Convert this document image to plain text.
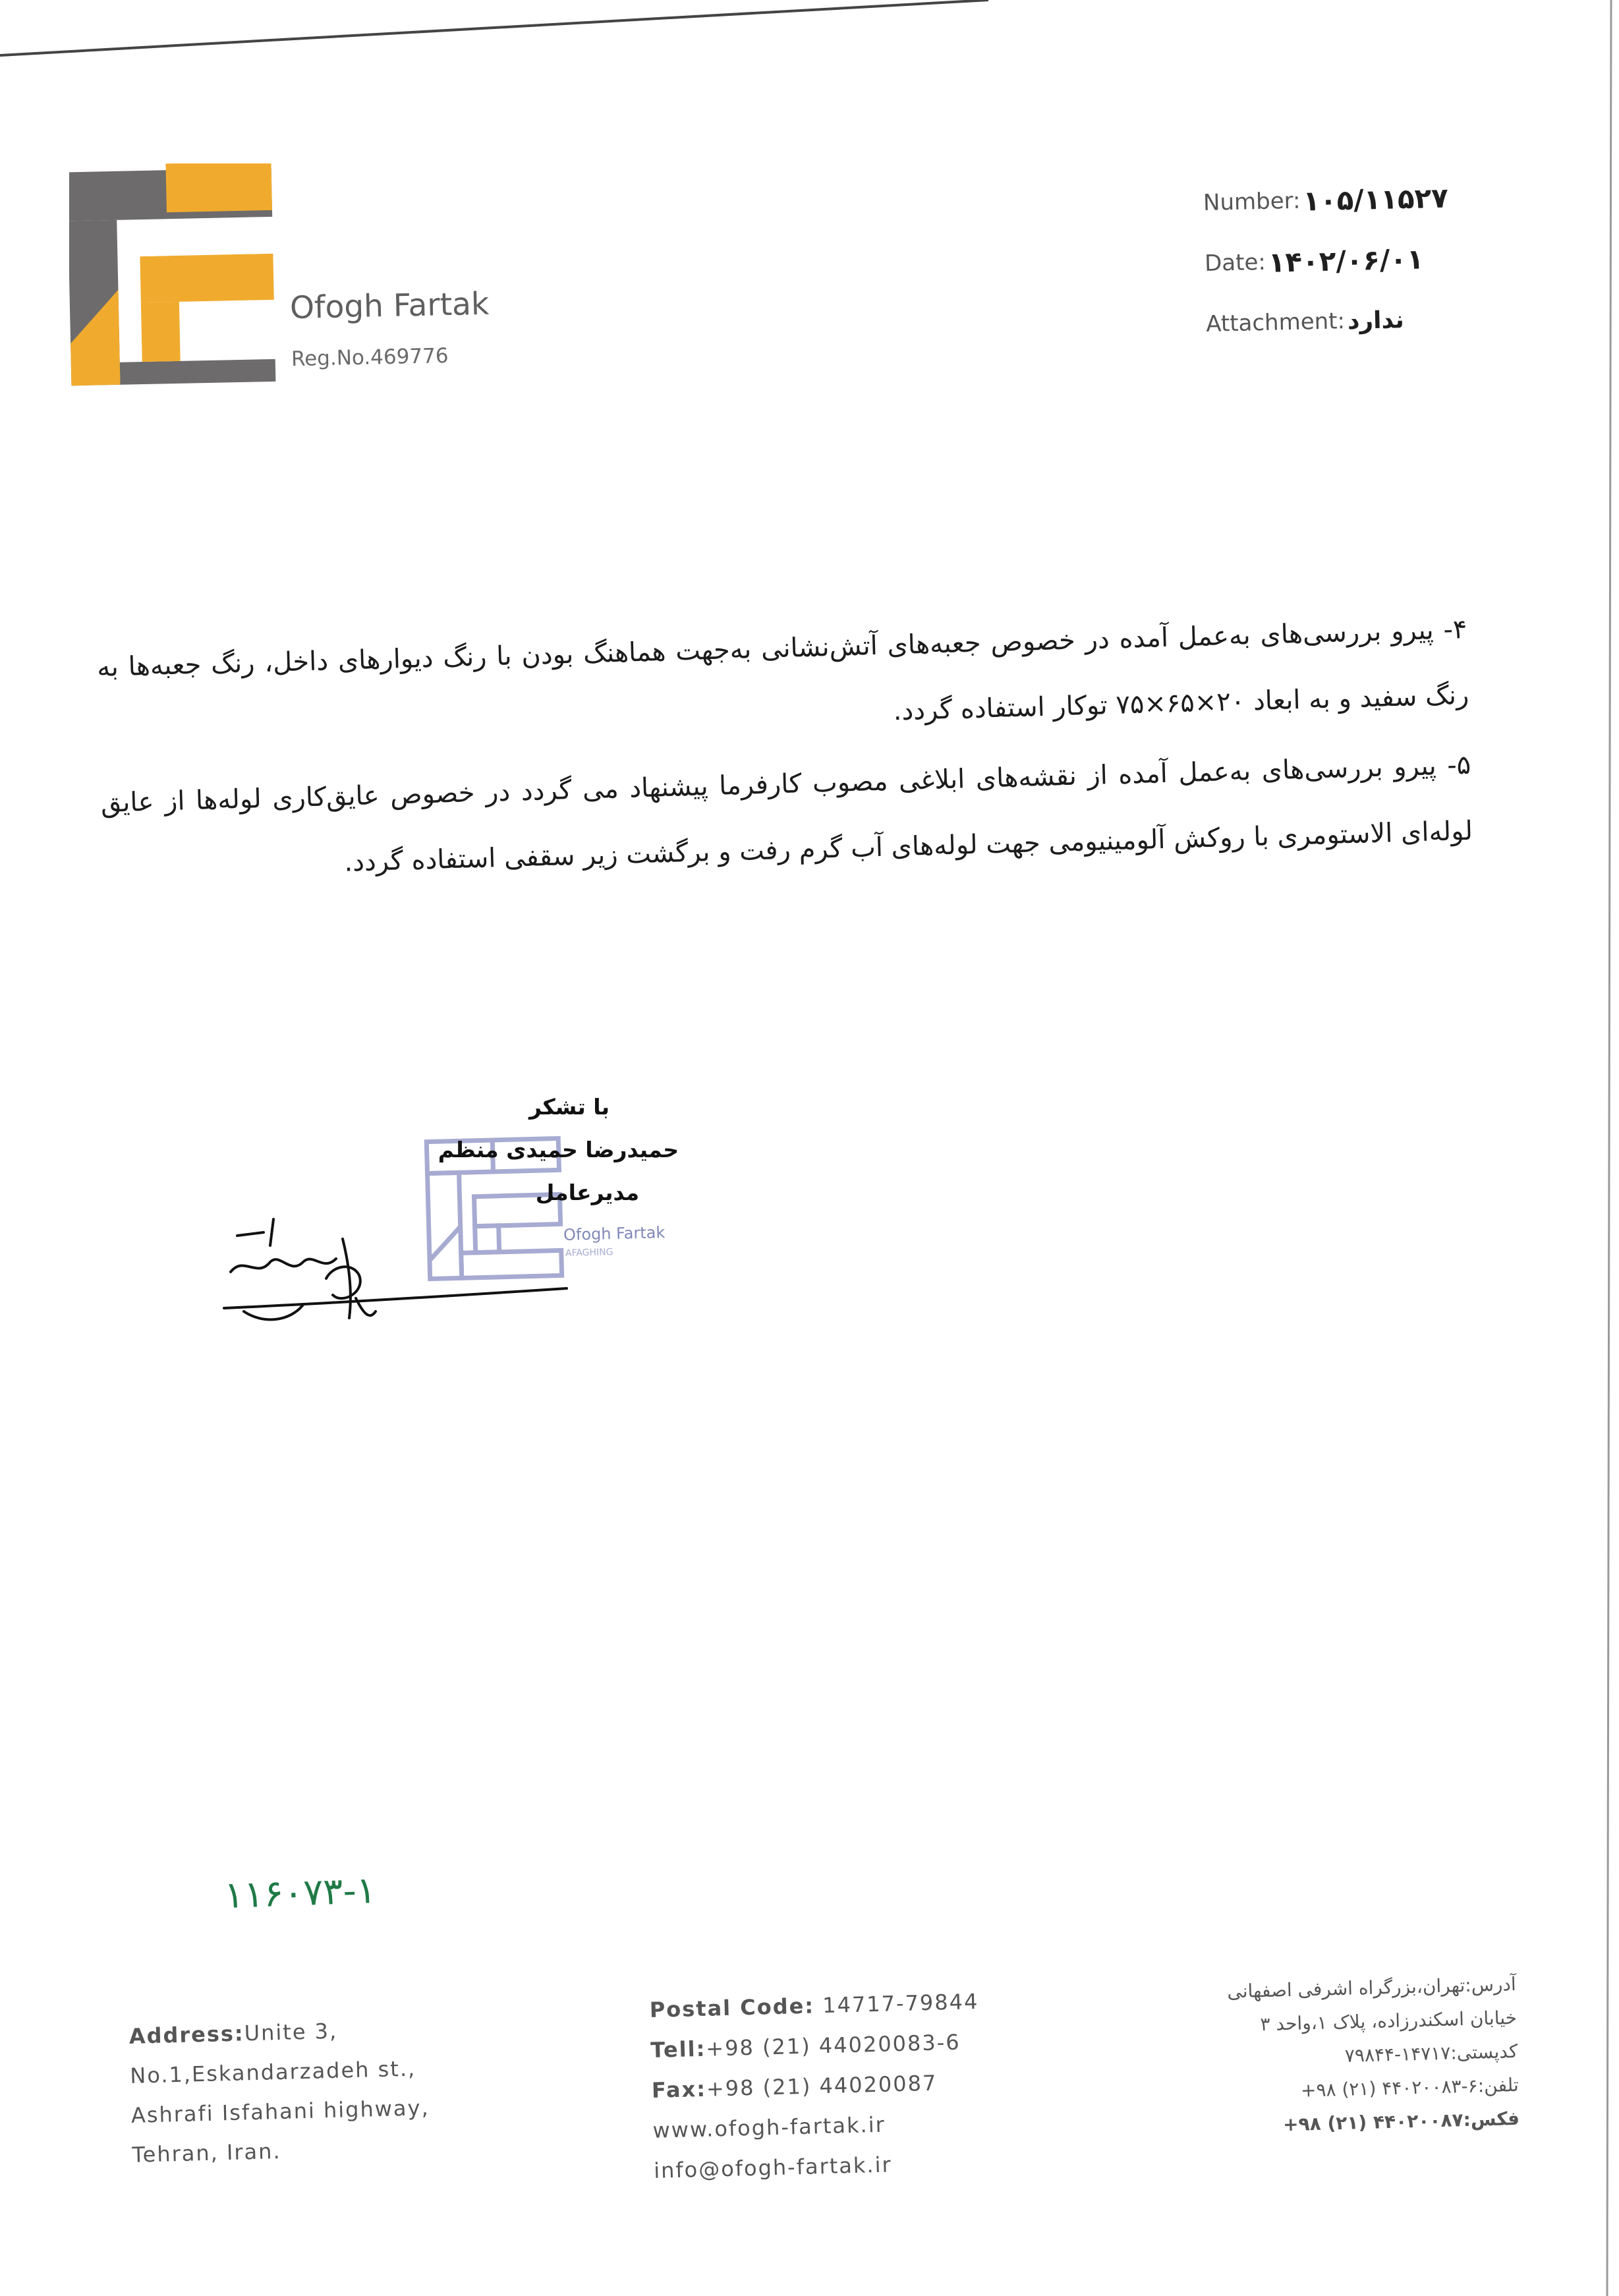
Ofogh Fartak
Reg.No.469776
Number: ۱۰۵/۱۱۵۲۷
Date: ۱۴۰۲/۰۶/۰۱
Attachment: ندارد

۴- پیرو بررسی‌های به‌عمل آمده در خصوص جعبه‌های آتش‌نشانی به‌جهت هماهنگ بودن با رنگ دیوارهای داخل، رنگ جعبه‌ها به رنگ سفید و به ابعاد ۲۰×۶۵×۷۵ توکار استفاده گردد.

۵- پیرو بررسی‌های به‌عمل آمده از نقشه‌های ابلاغی مصوب کارفرما پیشنهاد می گردد در خصوص عایق‌کاری لوله‌ها از عایق لوله‌ای الاستومری با روکش آلومینیومی جهت لوله‌های آب گرم رفت و برگشت زیر سقفی استفاده گردد.

Ofogh Fartak
AFAGHING
با تشکر
حمیدرضا حمیدی منظم
مدیرعامل
۱۱۶۰۷۳-۱
Address:Unite 3,
No.1,Eskandarzadeh st.,
Ashrafi Isfahani highway,
Tehran, Iran.
Postal Code: 14717-79844
Tell:+98 (21) 44020083-6
Fax:+98 (21) 44020087
www.ofogh-fartak.ir
info@ofogh-fartak.ir
آدرس:تهران،بزرگراه اشرفی اصفهانی
خیابان اسکندرزاده، پلاک ۱،واحد ۳
کدپستی:۱۴۷۱۷-۷۹۸۴۴
تلفن:۶-۴۴۰۲۰۰۸۳ (۲۱) ۹۸+
فکس:۴۴۰۲۰۰۸۷ (۲۱) ۹۸+
